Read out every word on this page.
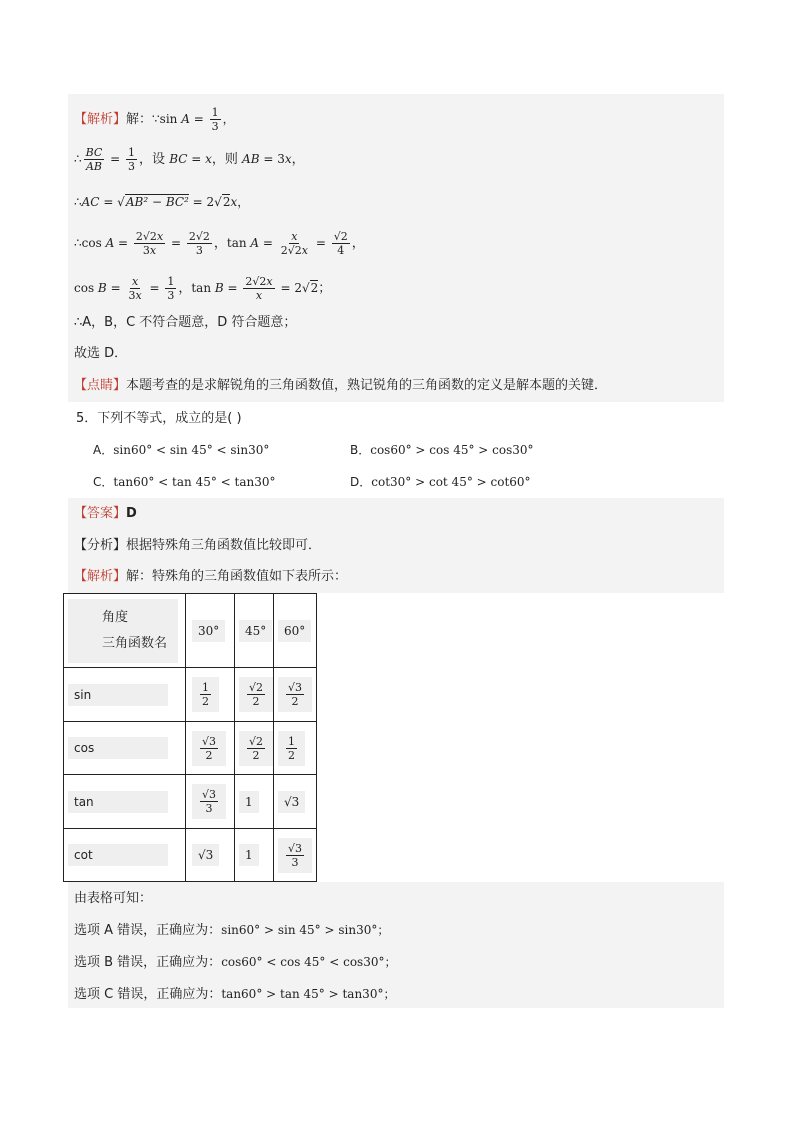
【解析】解：∵sin $A = \frac{1}{3}$ ，
∴ $\frac{BC}{AB} = \frac{1}{3}$ ，设 BC = x，则 AB = 3x，
∴AC = √AB² − BC² = 2√2x，
∴cos $A = \frac{2√2x}{3x} = \frac{2√2}{3}$ ，$\tan A = \frac{x}{2√2x} = \frac{√2}{4}$ ，
$\cos B = \frac{x}{3x} = \frac{1}{3}$ ，$\tan B = \frac{2√2x}{x} = 2√2$；
∴A，B，C 不符合题意，D 符合题意；
故选 D．
【点睛】本题考查的是求解锐角的三角函数值，熟记锐角的三角函数的定义是解本题的关键．
5．下列不等式，成立的是( )
A．sin60° < sin 45° < sin30°	B．cos60° > cos 45° > cos30°
C．tan60° < tan 45° < tan30°	D．cot30° > cot 45° > cot60°
【答案】D
【分析】根据特殊角三角函数值比较即可．
【解析】解：特殊角的三角函数值如下表所示：
角度
三角函数名	30°	45°	60°
sin	$\frac{1}{2}$	$\frac{√2}{2}$	$\frac{√3}{2}$

cos	$\frac{√3}{2}$	$\frac{√2}{2}$	$\frac{1}{2}$

tan	$\frac{√3}{3}$	1	√3
cot	√3	1	$\frac{√3}{3}$
由表格可知：
选项 A 错误，正确应为：sin60° > sin 45° > sin30°；
选项 B 错误，正确应为：cos60° < cos 45° < cos30°；
选项 C 错误，正确应为：tan60° > tan 45° > tan30°；
